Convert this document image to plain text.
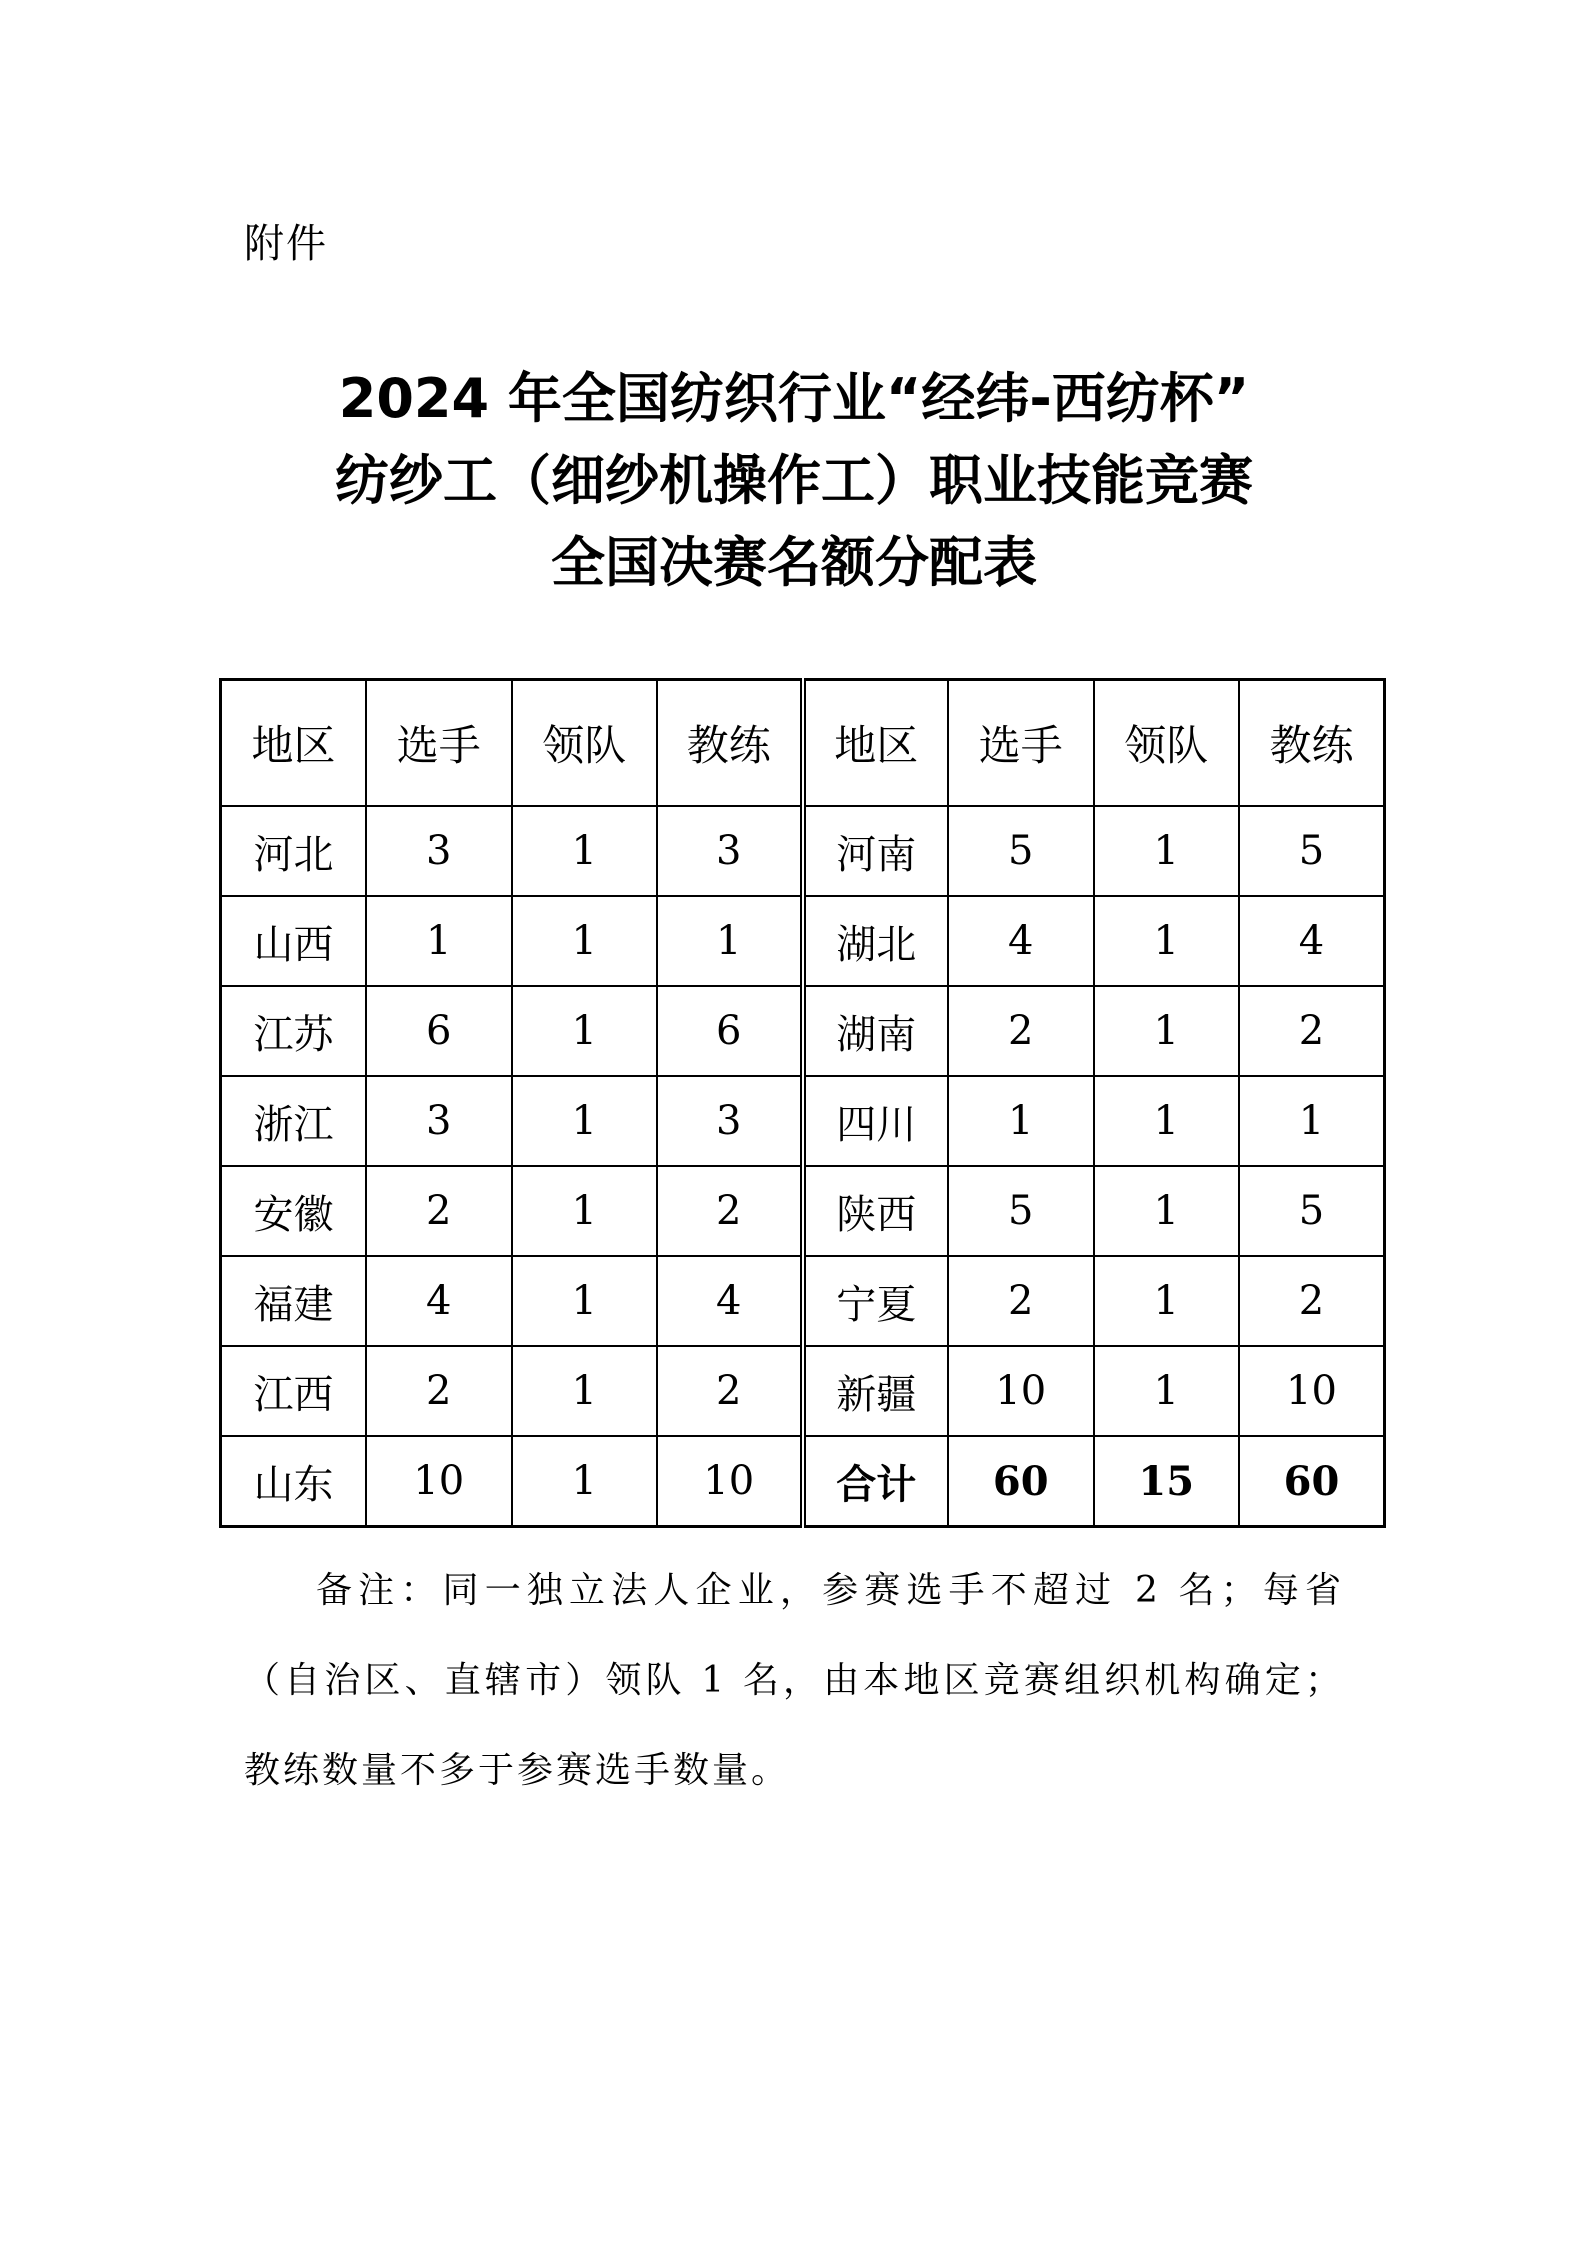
附件
2024 年全国纺织行业“经纬-西纺杯”
纺纱工（细纱机操作工）职业技能竞赛
全国决赛名额分配表
地区	选手	领队	教练	地区	选手	领队	教练
河北	3	1	3	河南	5	1	5
山西	1	1	1	湖北	4	1	4
江苏	6	1	6	湖南	2	1	2
浙江	3	1	3	四川	1	1	1
安徽	2	1	2	陕西	5	1	5
福建	4	1	4	宁夏	2	1	2
江西	2	1	2	新疆	10	1	10
山东	10	1	10	合计	60	15	60
备注：同一独立法人企业，参赛选手不超过 2 名；每省（自治区、直辖市）领队 1 名，由本地区竞赛组织机构确定；教练数量不多于参赛选手数量。
